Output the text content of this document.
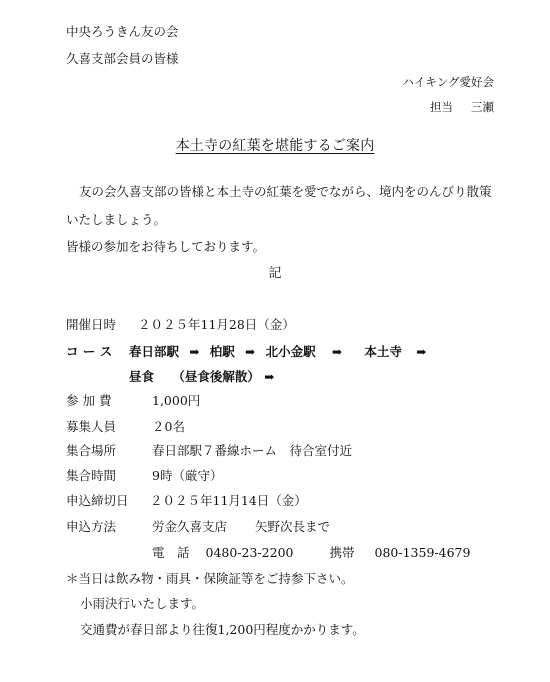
中央ろうきん友の会
久喜支部会員の皆様
ハイキング愛好会
担当 三瀬
本土寺の紅葉を堪能するご案内
友の会久喜支部の皆様と本土寺の紅葉を愛でながら、境内をのんびり散策
いたしましょう。
皆様の参加をお待ちしております。
記
開催日時 ２０２５年11月28日（金）
コ ー ス 春日部駅 ➡ 柏駅 ➡ 北小金駅 ➡ 本土寺 ➡
昼食 （昼食後解散） ➡
参 加 費	1,000円
募集人員	２0名
集合場所	春日部駅７番線ホーム　待合室付近
集合時間	9時（厳守）
申込締切日 ２０２５年11月14日（金）
申込方法	労金久喜支店 矢野次長まで
電　話 0480-23-2200	携帯 080-1359-4679
＊当日は飲み物・雨具・保険証等をご持参下さい。
小雨決行いたします。
交通費が春日部より往復1,200円程度かかります。
